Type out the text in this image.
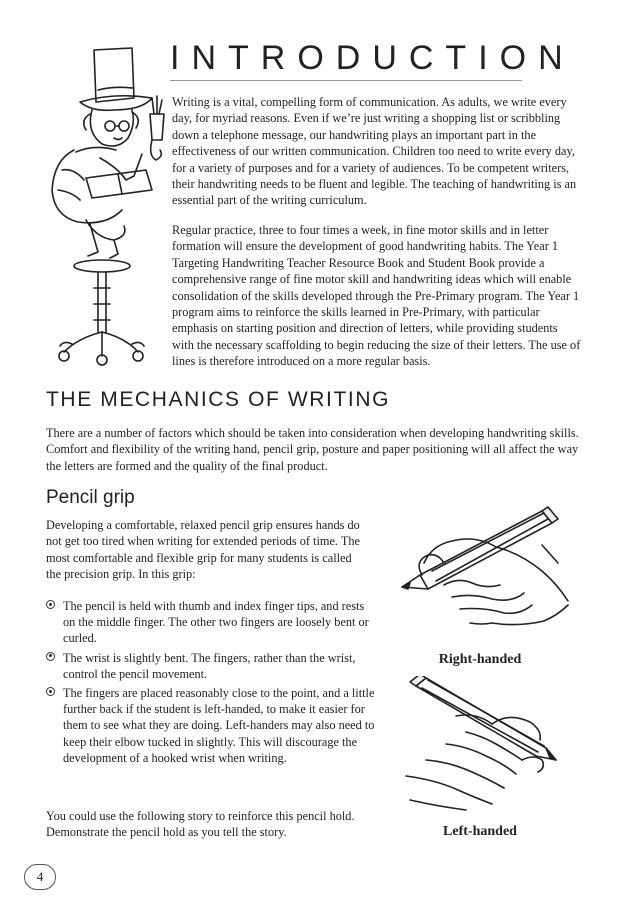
INTRODUCTION

Writing is a vital, compelling form of communication. As adults, we write every day, for myriad reasons. Even if we’re just writing a shopping list or scribbling down a telephone message, our handwriting plays an important part in the effectiveness of our written communication. Children too need to write every day, for a variety of purposes and for a variety of audiences. To be competent writers, their handwriting needs to be fluent and legible. The teaching of handwriting is an essential part of the writing curriculum.

Regular practice, three to four times a week, in fine motor skills and in letter formation will ensure the development of good handwriting habits. The Year 1 Targeting Handwriting Teacher Resource Book and Student Book provide a comprehensive range of fine motor skill and handwriting ideas which will enable consolidation of the skills developed through the Pre-Primary program. The Year 1 program aims to reinforce the skills learned in Pre-Primary, with particular emphasis on starting position and direction of letters, while providing students with the necessary scaffolding to begin reducing the size of their letters. The use of lines is therefore introduced on a more regular basis.

THE MECHANICS OF WRITING

There are a number of factors which should be taken into consideration when developing handwriting skills. Comfort and flexibility of the writing hand, pencil grip, posture and paper positioning will all affect the way the letters are formed and the quality of the final product.

Pencil grip

Developing a comfortable, relaxed pencil grip ensures hands do not get too tired when writing for extended periods of time. The most comfortable and flexible grip for many students is called the precision grip. In this grip:

The pencil is held with thumb and index finger tips, and rests on the middle finger. The other two fingers are loosely bent or curled.
The wrist is slightly bent. The fingers, rather than the wrist, control the pencil movement.
The fingers are placed reasonably close to the point, and a little further back if the student is left-handed, to make it easier for them to see what they are doing. Left-handers may also need to keep their elbow tucked in slightly. This will discourage the development of a hooked wrist when writing.

You could use the following story to reinforce this pencil hold. Demonstrate the pencil hold as you tell the story.

Right-handed
Left-handed
4
